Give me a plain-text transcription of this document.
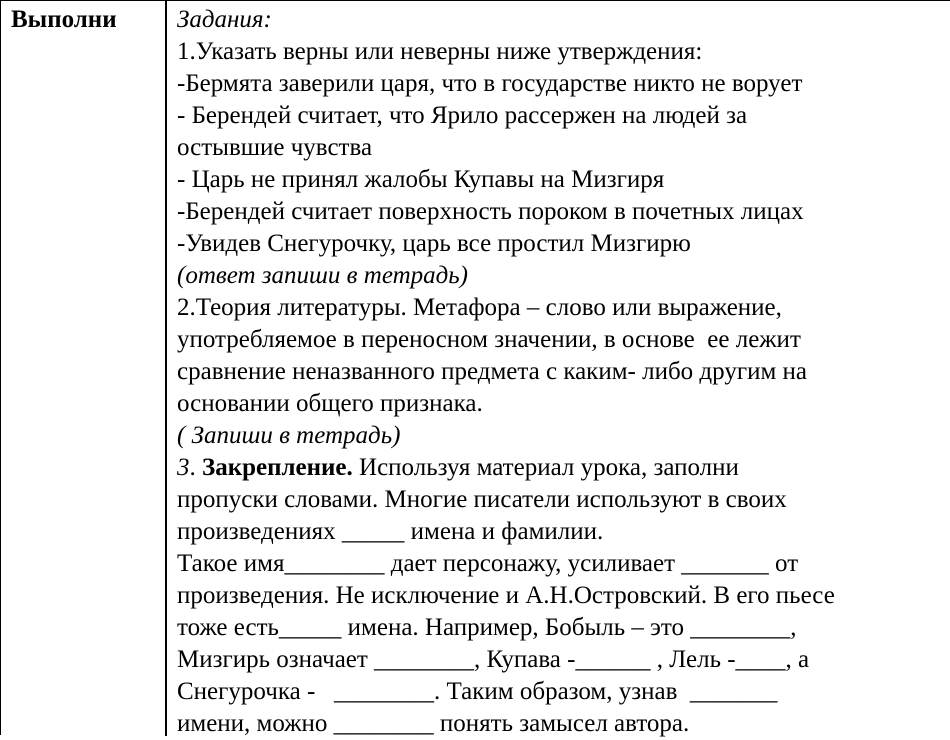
Выполни Задания:
1.Указать верны или неверны ниже утверждения:
-Бермята заверили царя, что в государстве никто не ворует
- Берендей считает, что Ярило рассержен на людей за
остывшие чувства
- Царь не принял жалобы Купавы на Мизгиря
-Берендей считает поверхность пороком в почетных лицах
-Увидев Снегурочку, царь все простил Мизгирю
(ответ запиши в тетрадь)
2.Теория литературы. Метафора – слово или выражение,
употребляемое в переносном значении, в основе  ее лежит
сравнение неназванного предмета с каким- либо другим на
основании общего признака.
( Запиши в тетрадь)
3. Закрепление. Используя материал урока, заполни
пропуски словами. Многие писатели используют в своих
произведениях _____ имена и фамилии.
Такое имя________ дает персонажу, усиливает _______ от
произведения. Не исключение и А.Н.Островский. В его пьесе
тоже есть_____ имена. Например, Бобыль – это ________,
Мизгирь означает ________, Купава -______ , Лель -____, а
Снегурочка -   ________. Таким образом, узнав  _______
имени, можно ________ понять замысел автора.
